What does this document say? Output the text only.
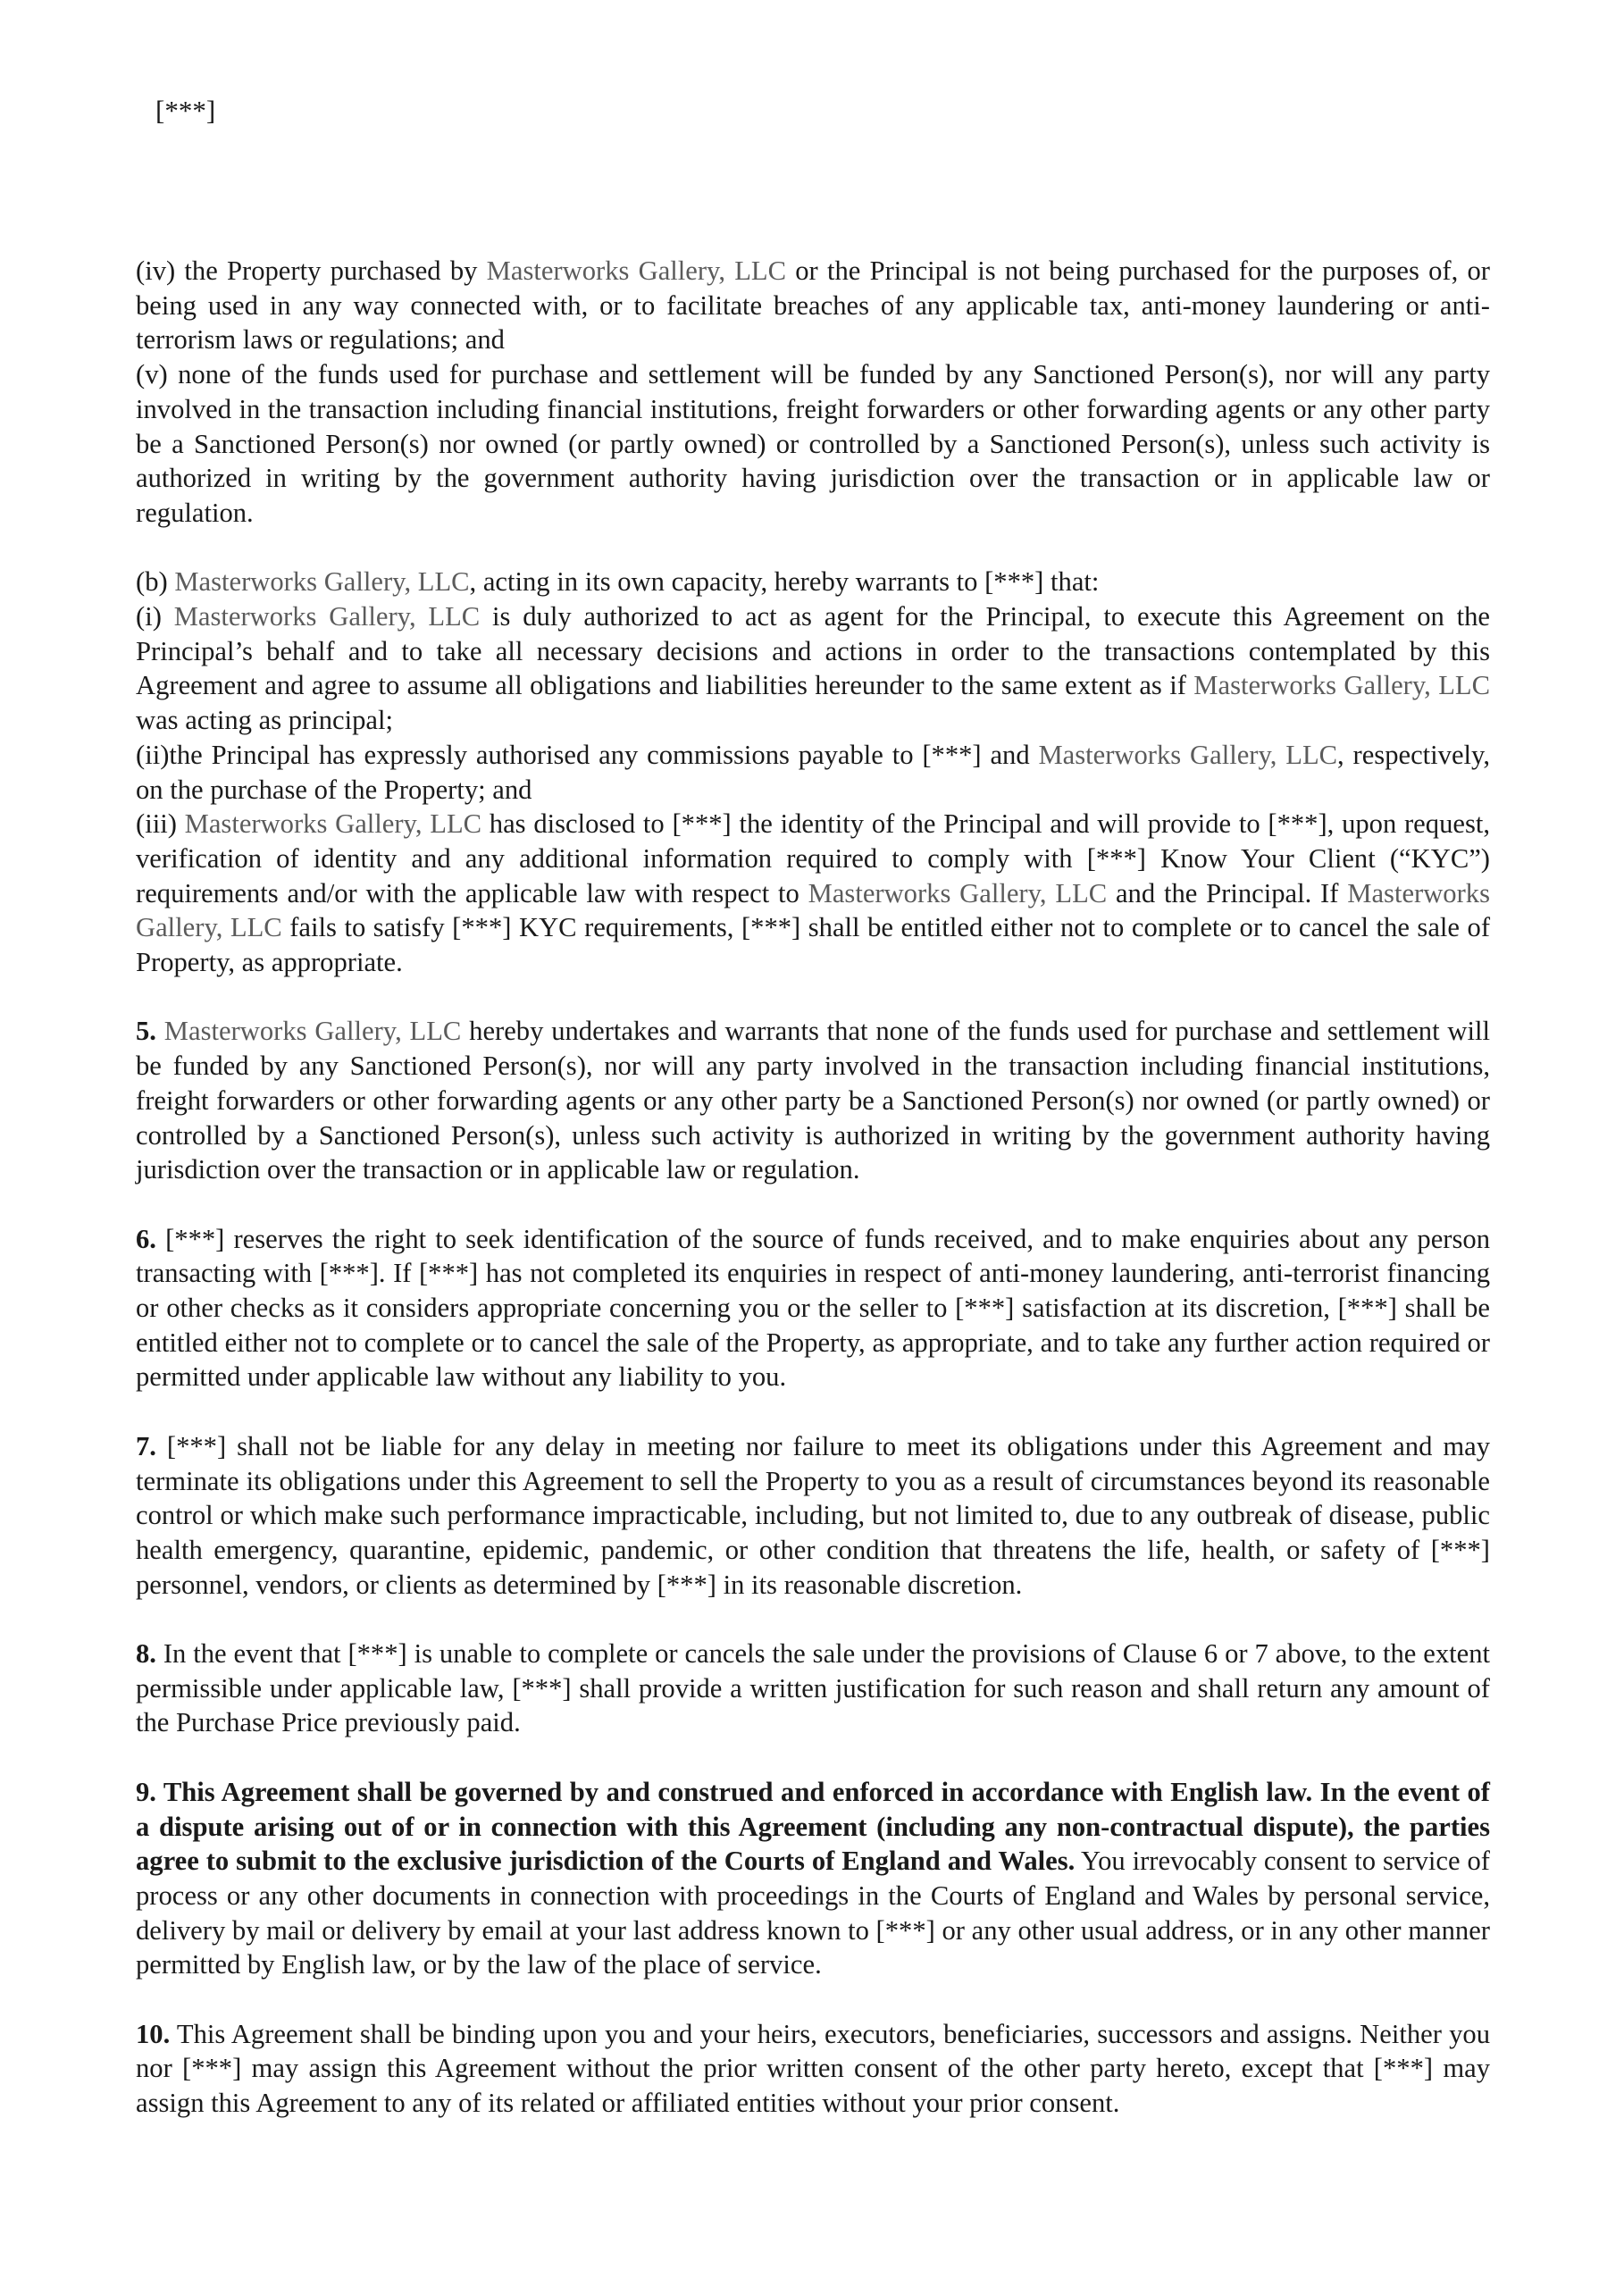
[***]

(iv) the Property purchased by Masterworks Gallery, LLC or the Principal is not being purchased for the purposes of, or being used in any way connected with, or to facilitate breaches of any applicable tax, anti-money laundering or anti-terrorism laws or regulations; and

(v) none of the funds used for purchase and settlement will be funded by any Sanctioned Person(s), nor will any party involved in the transaction including financial institutions, freight forwarders or other forwarding agents or any other party be a Sanctioned Person(s) nor owned (or partly owned) or controlled by a Sanctioned Person(s), unless such activity is authorized in writing by the government authority having jurisdiction over the transaction or in applicable law or regulation.

(b) Masterworks Gallery, LLC, acting in its own capacity, hereby warrants to [***] that:

(i) Masterworks Gallery, LLC is duly authorized to act as agent for the Principal, to execute this Agreement on the Principal’s behalf and to take all necessary decisions and actions in order to the transactions contemplated by this Agreement and agree to assume all obligations and liabilities hereunder to the same extent as if Masterworks Gallery, LLC was acting as principal;

(ii)the Principal has expressly authorised any commissions payable to [***] and Masterworks Gallery, LLC, respectively, on the purchase of the Property; and

(iii) Masterworks Gallery, LLC has disclosed to [***] the identity of the Principal and will provide to [***], upon request, verification of identity and any additional information required to comply with [***] Know Your Client (“KYC”) requirements and/or with the applicable law with respect to Masterworks Gallery, LLC and the Principal. If Masterworks Gallery, LLC fails to satisfy [***] KYC requirements, [***] shall be entitled either not to complete or to cancel the sale of Property, as appropriate.

5. Masterworks Gallery, LLC hereby undertakes and warrants that none of the funds used for purchase and settlement will be funded by any Sanctioned Person(s), nor will any party involved in the transaction including financial institutions, freight forwarders or other forwarding agents or any other party be a Sanctioned Person(s) nor owned (or partly owned) or controlled by a Sanctioned Person(s), unless such activity is authorized in writing by the government authority having jurisdiction over the transaction or in applicable law or regulation.

6. [***] reserves the right to seek identification of the source of funds received, and to make enquiries about any person transacting with [***]. If [***] has not completed its enquiries in respect of anti-money laundering, anti-terrorist financing or other checks as it considers appropriate concerning you or the seller to [***] satisfaction at its discretion, [***] shall be entitled either not to complete or to cancel the sale of the Property, as appropriate, and to take any further action required or permitted under applicable law without any liability to you.

7. [***] shall not be liable for any delay in meeting nor failure to meet its obligations under this Agreement and may terminate its obligations under this Agreement to sell the Property to you as a result of circumstances beyond its reasonable control or which make such performance impracticable, including, but not limited to, due to any outbreak of disease, public health emergency, quarantine, epidemic, pandemic, or other condition that threatens the life, health, or safety of [***] personnel, vendors, or clients as determined by [***] in its reasonable discretion.

8. In the event that [***] is unable to complete or cancels the sale under the provisions of Clause 6 or 7 above, to the extent permissible under applicable law, [***] shall provide a written justification for such reason and shall return any amount of the Purchase Price previously paid.

9. This Agreement shall be governed by and construed and enforced in accordance with English law. In the event of a dispute arising out of or in connection with this Agreement (including any non-contractual dispute), the parties agree to submit to the exclusive jurisdiction of the Courts of England and Wales. You irrevocably consent to service of process or any other documents in connection with proceedings in the Courts of England and Wales by personal service, delivery by mail or delivery by email at your last address known to [***] or any other usual address, or in any other manner permitted by English law, or by the law of the place of service.

10. This Agreement shall be binding upon you and your heirs, executors, beneficiaries, successors and assigns. Neither you nor [***] may assign this Agreement without the prior written consent of the other party hereto, except that [***] may assign this Agreement to any of its related or affiliated entities without your prior consent.
